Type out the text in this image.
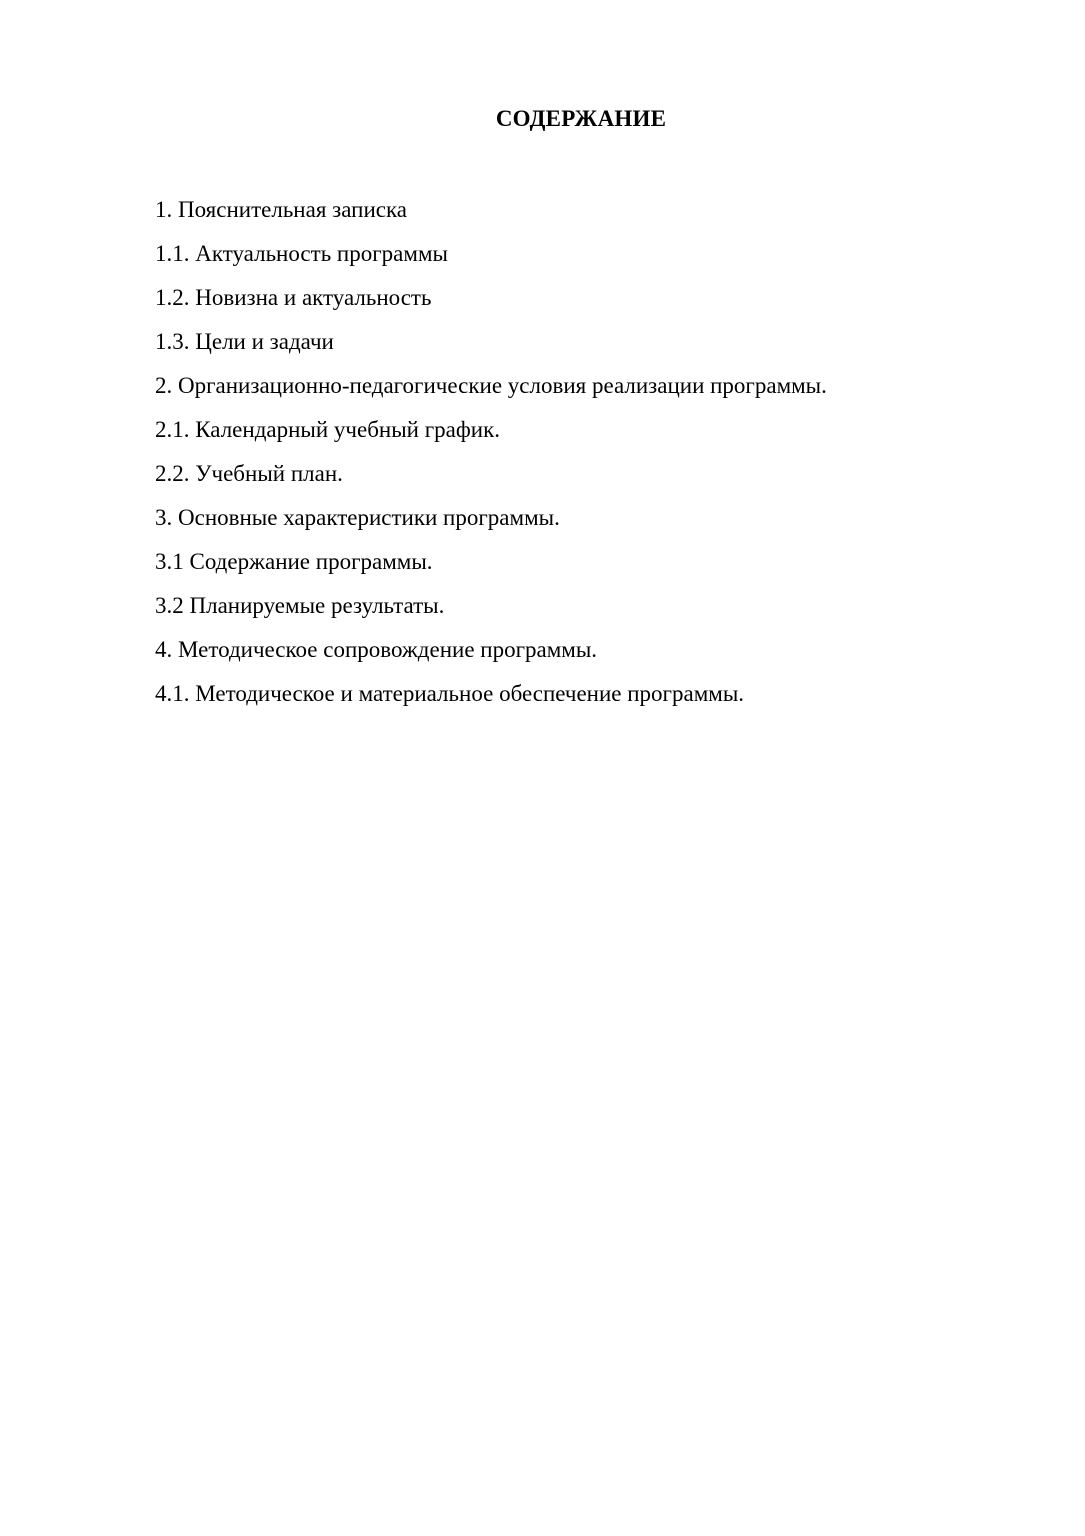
СОДЕРЖАНИЕ
1. Пояснительная записка
1.1. Актуальность программы
1.2. Новизна и актуальность
1.3. Цели и задачи
2. Организационно-педагогические условия реализации программы.
2.1. Календарный учебный график.
2.2. Учебный план.
3. Основные характеристики программы.
3.1 Содержание программы.
3.2 Планируемые результаты.
4. Методическое сопровождение программы.
4.1. Методическое и материальное обеспечение программы.
